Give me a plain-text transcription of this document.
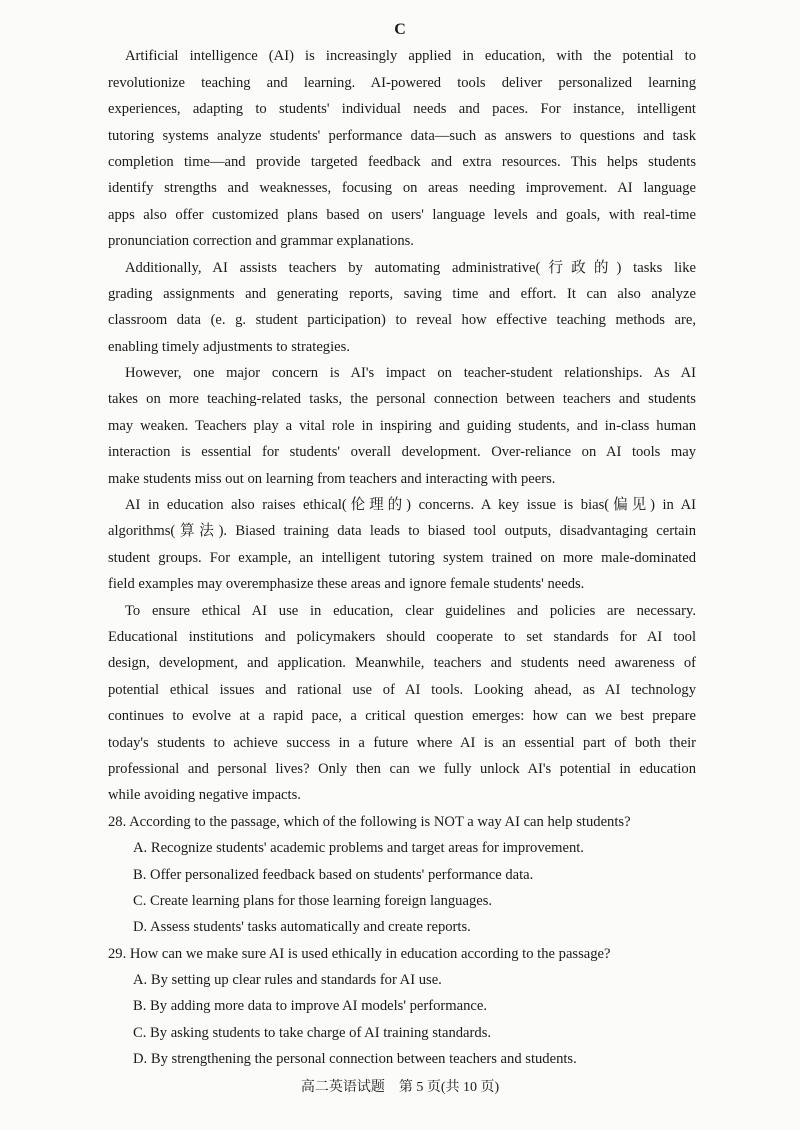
C
Artificial intelligence (AI) is increasingly applied in education, with the potential to
revolutionize teaching and learning. AI-powered tools deliver personalized learning
experiences, adapting to students' individual needs and paces. For instance, intelligent
tutoring systems analyze students' performance data—such as answers to questions and task
completion time—and provide targeted feedback and extra resources. This helps students
identify strengths and weaknesses, focusing on areas needing improvement. AI language
apps also offer customized plans based on users' language levels and goals, with real-time
pronunciation correction and grammar explanations.
Additionally, AI assists teachers by automating administrative(行政的) tasks like
grading assignments and generating reports, saving time and effort. It can also analyze
classroom data (e. g. student participation) to reveal how effective teaching methods are,
enabling timely adjustments to strategies.
However, one major concern is AI's impact on teacher-student relationships. As AI
takes on more teaching-related tasks, the personal connection between teachers and students
may weaken. Teachers play a vital role in inspiring and guiding students, and in-class human
interaction is essential for students' overall development. Over-reliance on AI tools may
make students miss out on learning from teachers and interacting with peers.
AI in education also raises ethical(伦理的) concerns. A key issue is bias(偏见) in AI
algorithms(算法). Biased training data leads to biased tool outputs, disadvantaging certain
student groups. For example, an intelligent tutoring system trained on more male-dominated
field examples may overemphasize these areas and ignore female students' needs.
To ensure ethical AI use in education, clear guidelines and policies are necessary.
Educational institutions and policymakers should cooperate to set standards for AI tool
design, development, and application. Meanwhile, teachers and students need awareness of
potential ethical issues and rational use of AI tools. Looking ahead, as AI technology
continues to evolve at a rapid pace, a critical question emerges: how can we best prepare
today's students to achieve success in a future where AI is an essential part of both their
professional and personal lives? Only then can we fully unlock AI's potential in education
while avoiding negative impacts.
28. According to the passage, which of the following is NOT a way AI can help students?
A. Recognize students' academic problems and target areas for improvement.
B. Offer personalized feedback based on students' performance data.
C. Create learning plans for those learning foreign languages.
D. Assess students' tasks automatically and create reports.
29. How can we make sure AI is used ethically in education according to the passage?
A. By setting up clear rules and standards for AI use.
B. By adding more data to improve AI models' performance.
C. By asking students to take charge of AI training standards.
D. By strengthening the personal connection between teachers and students.
高二英语试题　第 5 页(共 10 页)
